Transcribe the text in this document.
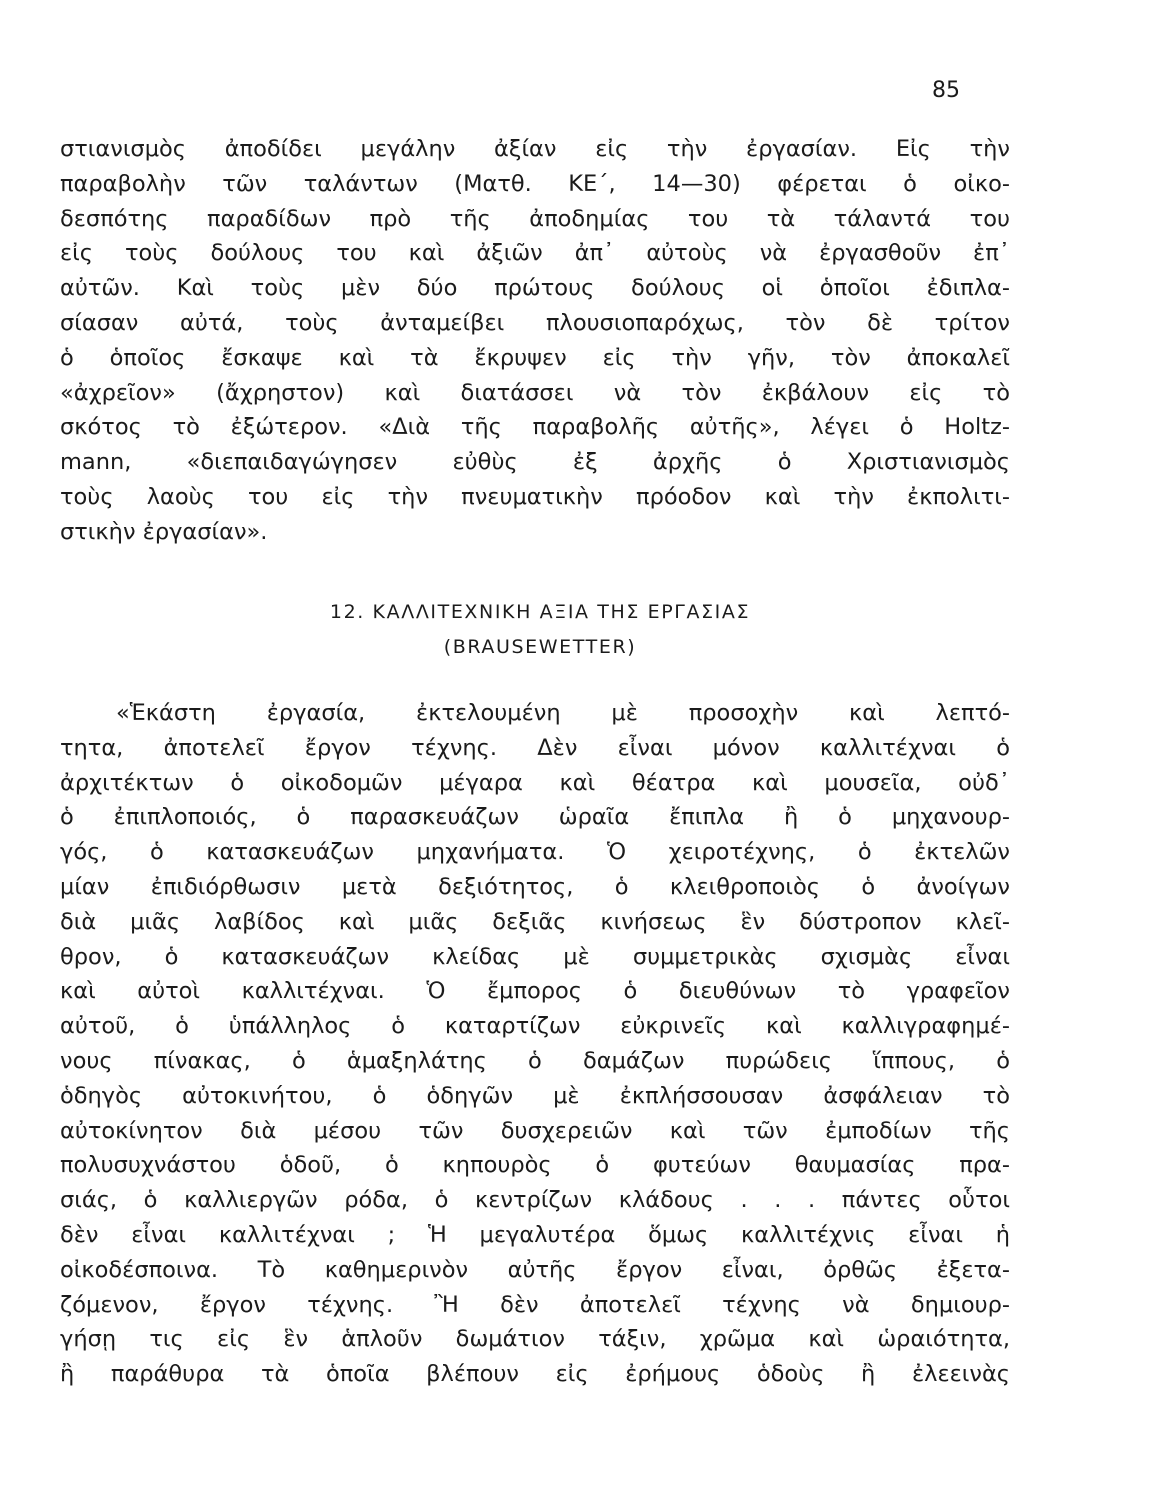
85
στιανισμὸς ἀποδίδει μεγάλην ἀξίαν εἰς τὴν ἐργασίαν. Εἰς τὴν
παραβολὴν τῶν ταλάντων (Ματθ. ΚΕ΄, 14—30) φέρεται ὁ οἰκο-
δεσπότης παραδίδων πρὸ τῆς ἀποδημίας του τὰ τάλαντά του
εἰς τοὺς δούλους του καὶ ἀξιῶν ἀπ᾽ αὐτοὺς νὰ ἐργασθοῦν ἐπ᾽
αὐτῶν. Καὶ τοὺς μὲν δύο πρώτους δούλους οἱ ὁποῖοι ἐδιπλα-
σίασαν αὐτά, τοὺς ἀνταμείβει πλουσιοπαρόχως, τὸν δὲ τρίτον
ὁ ὁποῖος ἔσκαψε καὶ τὰ ἔκρυψεν εἰς τὴν γῆν, τὸν ἀποκαλεῖ
«ἀχρεῖον» (ἄχρηστον) καὶ διατάσσει νὰ τὸν ἐκβάλουν εἰς τὸ
σκότος τὸ ἐξώτερον. «Διὰ τῆς παραβολῆς αὐτῆς», λέγει ὁ Holtz-
mann, «διεπαιδαγώγησεν εὐθὺς ἐξ ἀρχῆς ὁ Χριστιανισμὸς
τοὺς λαοὺς του εἰς τὴν πνευματικὴν πρόοδον καὶ τὴν ἐκπολιτι-
στικὴν ἐργασίαν».
12. ΚΑΛΛΙΤΕΧΝΙΚΗ ΑΞΙΑ ΤΗΣ ΕΡΓΑΣΙΑΣ
(BRAUSEWETTER)
«Ἑκάστη ἐργασία, ἐκτελουμένη μὲ προσοχὴν καὶ λεπτό-
τητα, ἀποτελεῖ ἔργον τέχνης. Δὲν εἶναι μόνον καλλιτέχναι ὁ
ἀρχιτέκτων ὁ οἰκοδομῶν μέγαρα καὶ θέατρα καὶ μουσεῖα, οὐδ᾽
ὁ ἐπιπλοποιός, ὁ παρασκευάζων ὡραῖα ἔπιπλα ἢ ὁ μηχανουρ-
γός, ὁ κατασκευάζων μηχανήματα. Ὁ χειροτέχνης, ὁ ἐκτελῶν
μίαν ἐπιδιόρθωσιν μετὰ δεξιότητος, ὁ κλειθροποιὸς ὁ ἀνοίγων
διὰ μιᾶς λαβίδος καὶ μιᾶς δεξιᾶς κινήσεως ἓν δύστροπον κλεῖ-
θρον, ὁ κατασκευάζων κλείδας μὲ συμμετρικὰς σχισμὰς εἶναι
καὶ αὐτοὶ καλλιτέχναι. Ὁ ἔμπορος ὁ διευθύνων τὸ γραφεῖον
αὐτοῦ, ὁ ὑπάλληλος ὁ καταρτίζων εὐκρινεῖς καὶ καλλιγραφημέ-
νους πίνακας, ὁ ἁμαξηλάτης ὁ δαμάζων πυρώδεις ἵππους, ὁ
ὁδηγὸς αὐτοκινήτου, ὁ ὁδηγῶν μὲ ἐκπλήσσουσαν ἀσφάλειαν τὸ
αὐτοκίνητον διὰ μέσου τῶν δυσχερειῶν καὶ τῶν ἐμποδίων τῆς
πολυσυχνάστου ὁδοῦ, ὁ κηπουρὸς ὁ φυτεύων θαυμασίας πρα-
σιάς, ὁ καλλιεργῶν ρόδα, ὁ κεντρίζων κλάδους . . . πάντες οὗτοι
δὲν εἶναι καλλιτέχναι ; Ἡ μεγαλυτέρα ὅμως καλλιτέχνις εἶναι ἡ
οἰκοδέσποινα. Τὸ καθημερινὸν αὐτῆς ἔργον εἶναι, ὀρθῶς ἐξετα-
ζόμενον, ἔργον τέχνης. Ἢ δὲν ἀποτελεῖ τέχνης νὰ δημιουρ-
γήσῃ τις εἰς ἓν ἁπλοῦν δωμάτιον τάξιν, χρῶμα καὶ ὡραιότητα,
ἢ παράθυρα τὰ ὁποῖα βλέπουν εἰς ἐρήμους ὁδοὺς ἢ ἐλεεινὰς
